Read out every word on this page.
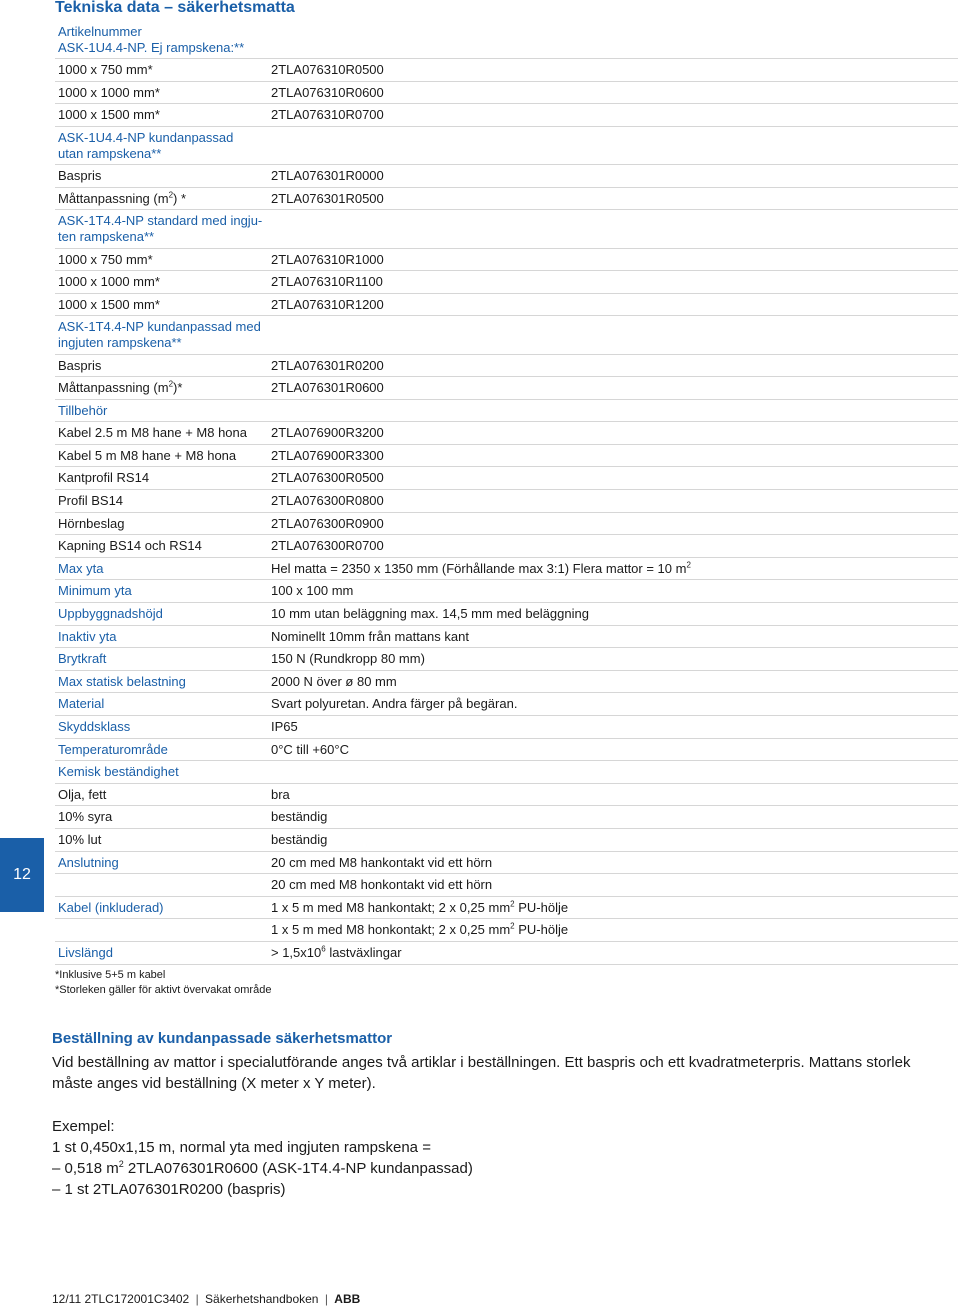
Tekniska data – säkerhetsmatta
Artikelnummer
ASK-1U4.4-NP. Ej rampskena:**	
1000 x 750 mm*	2TLA076310R0500
1000 x 1000 mm*	2TLA076310R0600
1000 x 1500 mm*	2TLA076310R0700
ASK-1U4.4-NP kundanpassad
utan rampskena**	
Baspris	2TLA076301R0000
Måttanpassning $(m^2)$ *	2TLA076301R0500
ASK-1T4.4-NP standard med ingju-
ten rampskena**	
1000 x 750 mm*	2TLA076310R1000
1000 x 1000 mm*	2TLA076310R1100
1000 x 1500 mm*	2TLA076310R1200
ASK-1T4.4-NP kundanpassad med
ingjuten rampskena**	
Baspris	2TLA076301R0200
Måttanpassning $(m^2)*$	2TLA076301R0600
Tillbehör	
Kabel 2.5 m M8 hane + M8 hona	2TLA076900R3200
Kabel 5 m M8 hane + M8 hona	2TLA076900R3300
Kantprofil RS14	2TLA076300R0500
Profil BS14	2TLA076300R0800
Hörnbeslag	2TLA076300R0900
Kapning BS14 och RS14	2TLA076300R0700
Max yta	Hel matta = 2350 x 1350 mm (Förhållande max 3:1) Flera mattor = 10 $m^2$
Minimum yta	100 x 100 mm
Uppbyggnadshöjd	10 mm utan beläggning max. 14,5 mm med beläggning
Inaktiv yta	Nominellt 10mm från mattans kant
Brytkraft	150 N (Rundkropp 80 mm)
Max statisk belastning	2000 N över ø 80 mm
Material	Svart polyuretan. Andra färger på begäran.
Skyddsklass	IP65
Temperaturområde	0°C till +60°C
Kemisk beständighet	
Olja, fett	bra
10% syra	beständig
10% lut	beständig
Anslutning	20 cm med M8 hankontakt vid ett hörn
	20 cm med M8 honkontakt vid ett hörn
Kabel (inkluderad)	1 x 5 m med M8 hankontakt; 2 x 0,25 $mm^2$ PU-hölje
	1 x 5 m med M8 honkontakt; 2 x 0,25 $mm^2$ PU-hölje
Livslängd	> $1,5x10^6$ lastväxlingar
12
*Inklusive 5+5 m kabel
*Storleken gäller för aktivt övervakat område
Beställning av kundanpassade säkerhetsmattor

Vid beställning av mattor i specialutförande anges två artiklar i beställningen. Ett baspris och ett kvadratmeterpris. Mattans storlek måste anges vid beställning (X meter x Y meter).

Exempel:
1 st 0,450x1,15 m, normal yta med ingjuten rampskena =
– 0,518 $m^2$ 2TLA076301R0600 (ASK-1T4.4-NP kundanpassad)
– 1 st 2TLA076301R0200 (baspris)
12/11 2TLC172001C3402 | Säkerhetshandboken | ABB
